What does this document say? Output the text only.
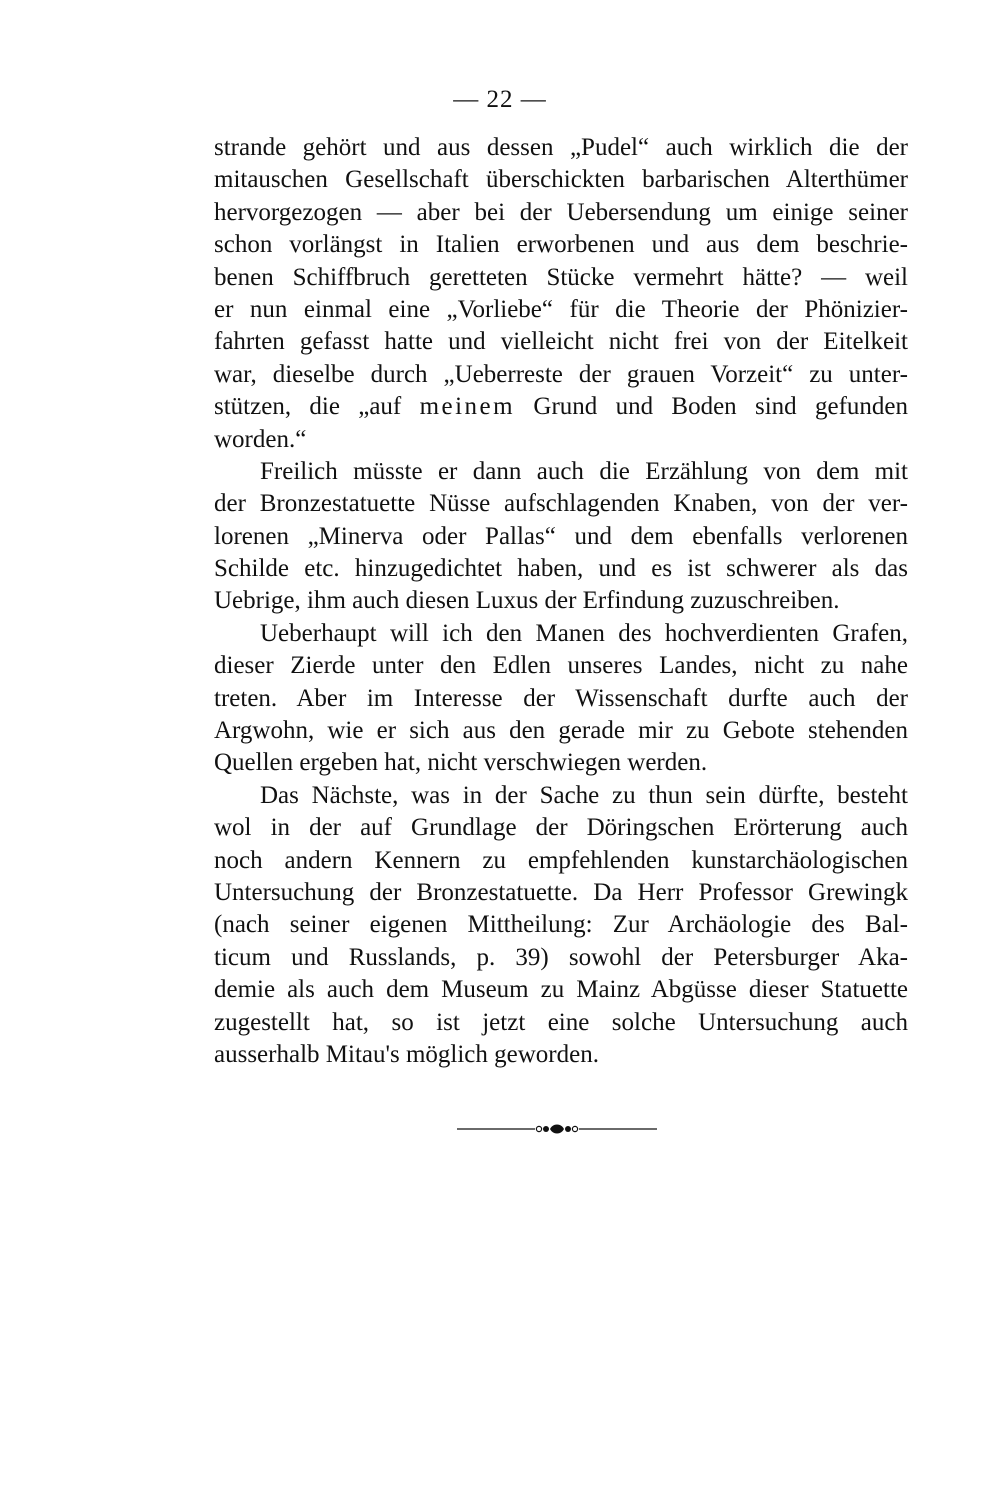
— 22 —
strande gehört und aus dessen „Pudel“ auch wirklich die der
mitauschen Gesellschaft überschickten barbarischen Alterthümer
hervorgezogen — aber bei der Uebersendung um einige seiner
schon vorlängst in Italien erworbenen und aus dem beschrie-
benen Schiffbruch geretteten Stücke vermehrt hätte? — weil
er nun einmal eine „Vorliebe“ für die Theorie der Phönizier-
fahrten gefasst hatte und vielleicht nicht frei von der Eitelkeit
war, dieselbe durch „Ueberreste der grauen Vorzeit“ zu unter-
stützen, die „auf meinem Grund und Boden sind gefunden
worden.“
Freilich müsste er dann auch die Erzählung von dem mit
der Bronzestatuette Nüsse aufschlagenden Knaben, von der ver-
lorenen „Minerva oder Pallas“ und dem ebenfalls verlorenen
Schilde etc. hinzugedichtet haben, und es ist schwerer als das
Uebrige, ihm auch diesen Luxus der Erfindung zuzuschreiben.
Ueberhaupt will ich den Manen des hochverdienten Grafen,
dieser Zierde unter den Edlen unseres Landes, nicht zu nahe
treten. Aber im Interesse der Wissenschaft durfte auch der
Argwohn, wie er sich aus den gerade mir zu Gebote stehenden
Quellen ergeben hat, nicht verschwiegen werden.
Das Nächste, was in der Sache zu thun sein dürfte, besteht
wol in der auf Grundlage der Döringschen Erörterung auch
noch andern Kennern zu empfehlenden kunstarchäologischen
Untersuchung der Bronzestatuette. Da Herr Professor Grewingk
(nach seiner eigenen Mittheilung: Zur Archäologie des Bal-
ticum und Russlands, p. 39) sowohl der Petersburger Aka-
demie als auch dem Museum zu Mainz Abgüsse dieser Statuette
zugestellt hat, so ist jetzt eine solche Untersuchung auch
ausserhalb Mitau's möglich geworden.
